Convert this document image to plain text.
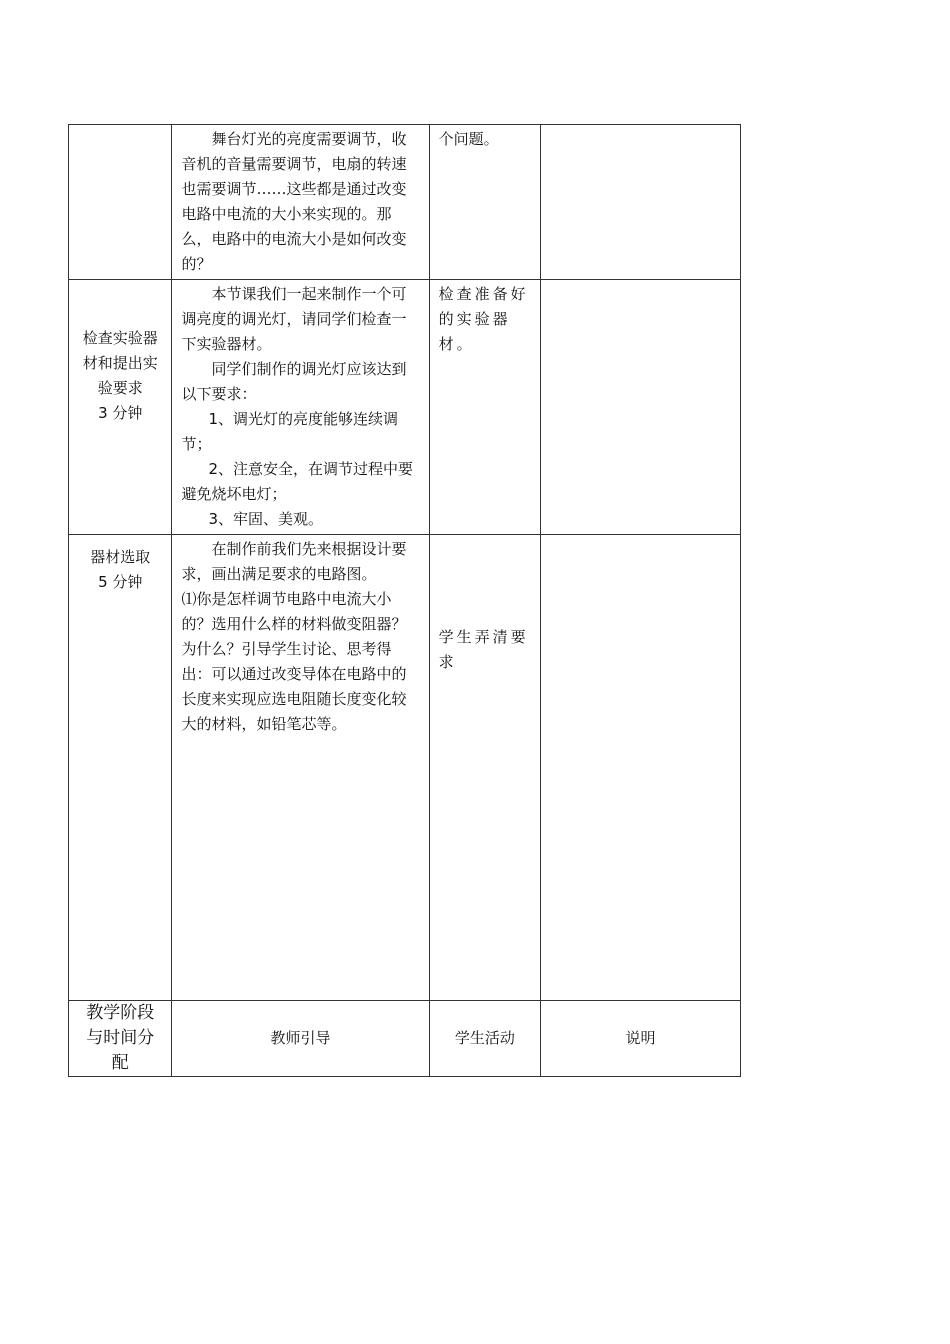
	舞台灯光的亮度需要调节，收音机的音量需要调节，电扇的转速也需要调节……这些都是通过改变电路中电流的大小来实现的。那么，电路中的电流大小是如何改变的？	个问题。	

检查实验器
材和提出实
验要求
3 分钟	本节课我们一起来制作一个可调亮度的调光灯，请同学们检查一下实验器材。
同学们制作的调光灯应该达到以下要求：
1、调光灯的亮度能够连续调节；
2、注意安全，在调节过程中要避免烧坏电灯；
3、牢固、美观。	检查准备好的实验器材。	

器材选取
5 分钟	在制作前我们先来根据设计要求，画出满足要求的电路图。
⑴你是怎样调节电路中电流大小的？选用什么样的材料做变阻器？为什么？引导学生讨论、思考得出：可以通过改变导体在电路中的长度来实现应选电阻随长度变化较大的材料，如铅笔芯等。	学生弄清要求	

教学阶段
与时间分
配	教师引导	学生活动	说明
